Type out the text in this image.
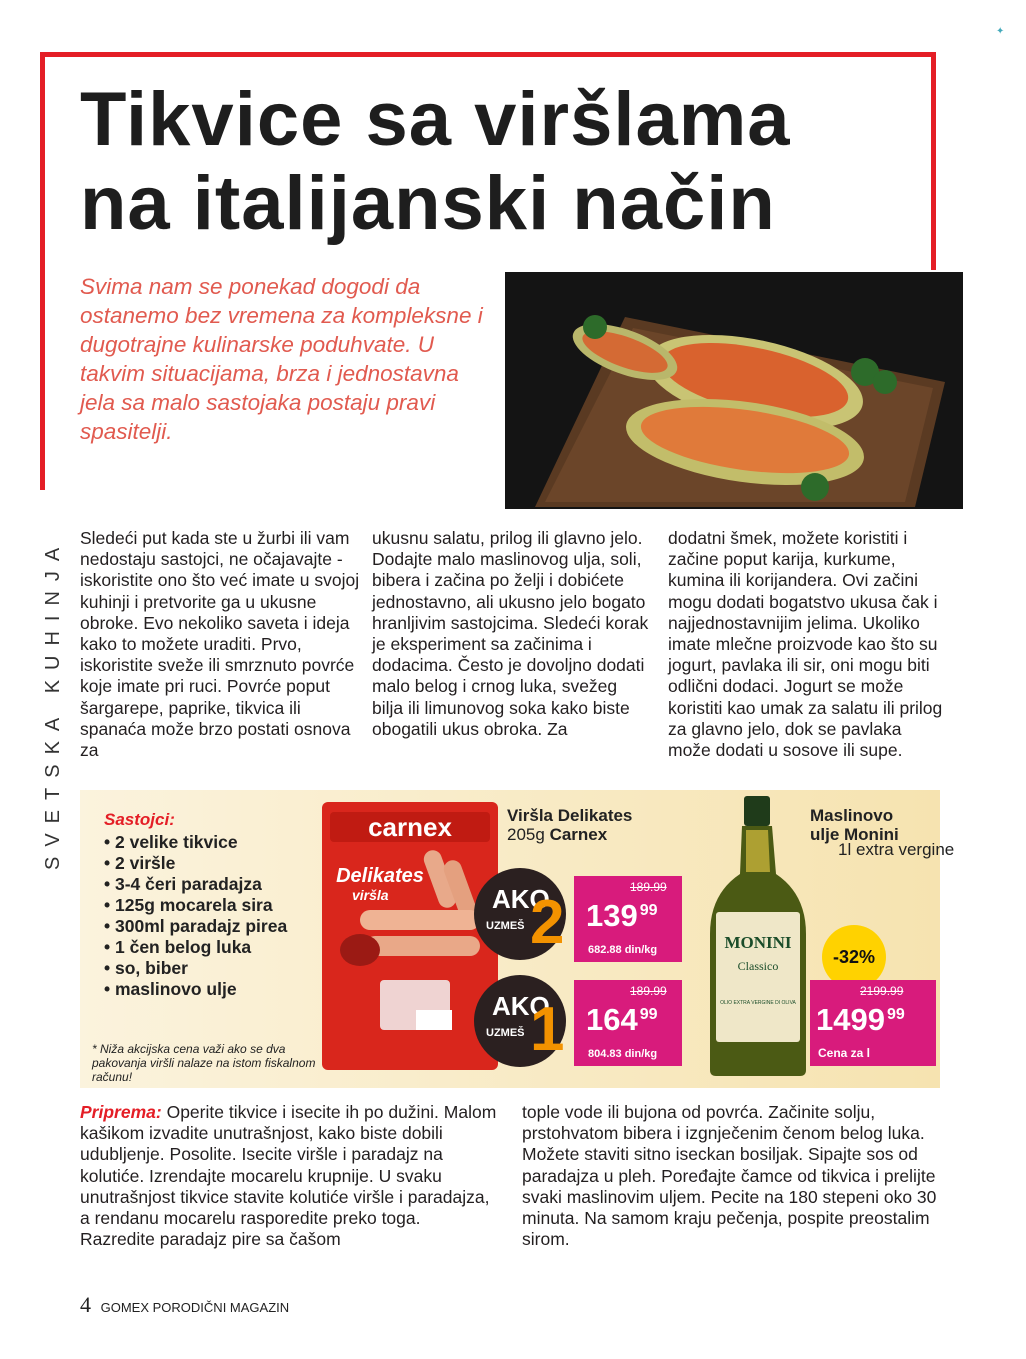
Tikvice sa viršlama
na italijanski način

Svima nam se ponekad dogodi da ostanemo bez vremena za kompleksne i dugotrajne kulinarske poduhvate. U takvim situacijama, brza i jednostavna jela sa malo sastojaka postaju pravi spasitelji.

SVETSKA KUHINJA Sledeći put kada ste u žurbi ili vam nedostaju sastojci, ne očajavajte - iskoristite ono što već imate u svojoj kuhinji i pretvorite ga u ukusne obroke. Evo nekoliko saveta i ideja kako to možete uraditi. Prvo, iskoristite sveže ili smrznuto povrće koje imate pri ruci. Povrće poput šargarepe, paprike, tikvica ili spanaća može brzo postati osnova za

ukusnu salatu, prilog ili glavno jelo. Dodajte malo maslinovog ulja, soli, bibera i začina po želji i dobićete jednostavno, ali ukusno jelo bogato hranljivim sastojcima. Sledeći korak je eksperiment sa začinima i dodacima. Često je dovoljno dodati malo belog i crnog luka, svežeg bilja ili limunovog soka kako biste obogatili ukus obroka. Za

dodatni šmek, možete koristiti i začine poput karija, kurkume, kumina ili korijandera. Ovi začini mogu dodati bogatstvo ukusa čak i najjednostavnijim jelima. Ukoliko imate mlečne proizvode kao što su jogurt, pavlaka ili sir, oni mogu biti odlični dodaci. Jogurt se može koristiti kao umak za salatu ili prilog za glavno jelo, dok se pavlaka može dodati u sosove ili supe.

Sastojci:
• 2 velike tikvice
• 2 viršle
• 3-4 čeri paradajza
• 125g mocarela sira
• 300ml paradajz pirea
• 1 čen belog luka
• so, biber
• maslinovo ulje
* Niža akcijska cena važi ako se dva pakovanja viršli nalaze na istom fiskalnom računu!
carnex
Delikates
viršla
Viršla Delikates
205g Carnex
AKO
UZMEŠ 2
189.99
139 $^{99}$
682.88 din/kg
AKO
UZMEŠ 1
189.99
164 $^{99}$
804.83 din/kg
MONINI
Classico
OLIO EXTRA VERGINE DI OLIVA
Maslinovo ulje Monini
1l extra vergine
-32%
2199.99
1499 $^{99}$
Cena za l

Priprema: Operite tikvice i isecite ih po dužini. Malom kašikom izvadite unutrašnjost, kako biste dobili udubljenje. Posolite. Isecite viršle i paradajz na kolutiće. Izrendajte mocarelu krupnije. U svaku unutrašnjost tikvice stavite kolutiće viršle i paradajza, a rendanu mocarelu rasporedite preko toga. Razredite paradajz pire sa čašom

tople vode ili bujona od povrća. Začinite solju, prstohvatom bibera i izgnječenim čenom belog luka. Možete staviti sitno iseckan bosiljak. Sipajte sos od paradajza u pleh. Poređajte čamce od tikvica i prelijte svaki maslinovim uljem. Pecite na 180 stepeni oko 30 minuta. Na samom kraju pečenja, pospite preostalim sirom.

4 GOMEX PORODIČNI MAGAZIN
✦
